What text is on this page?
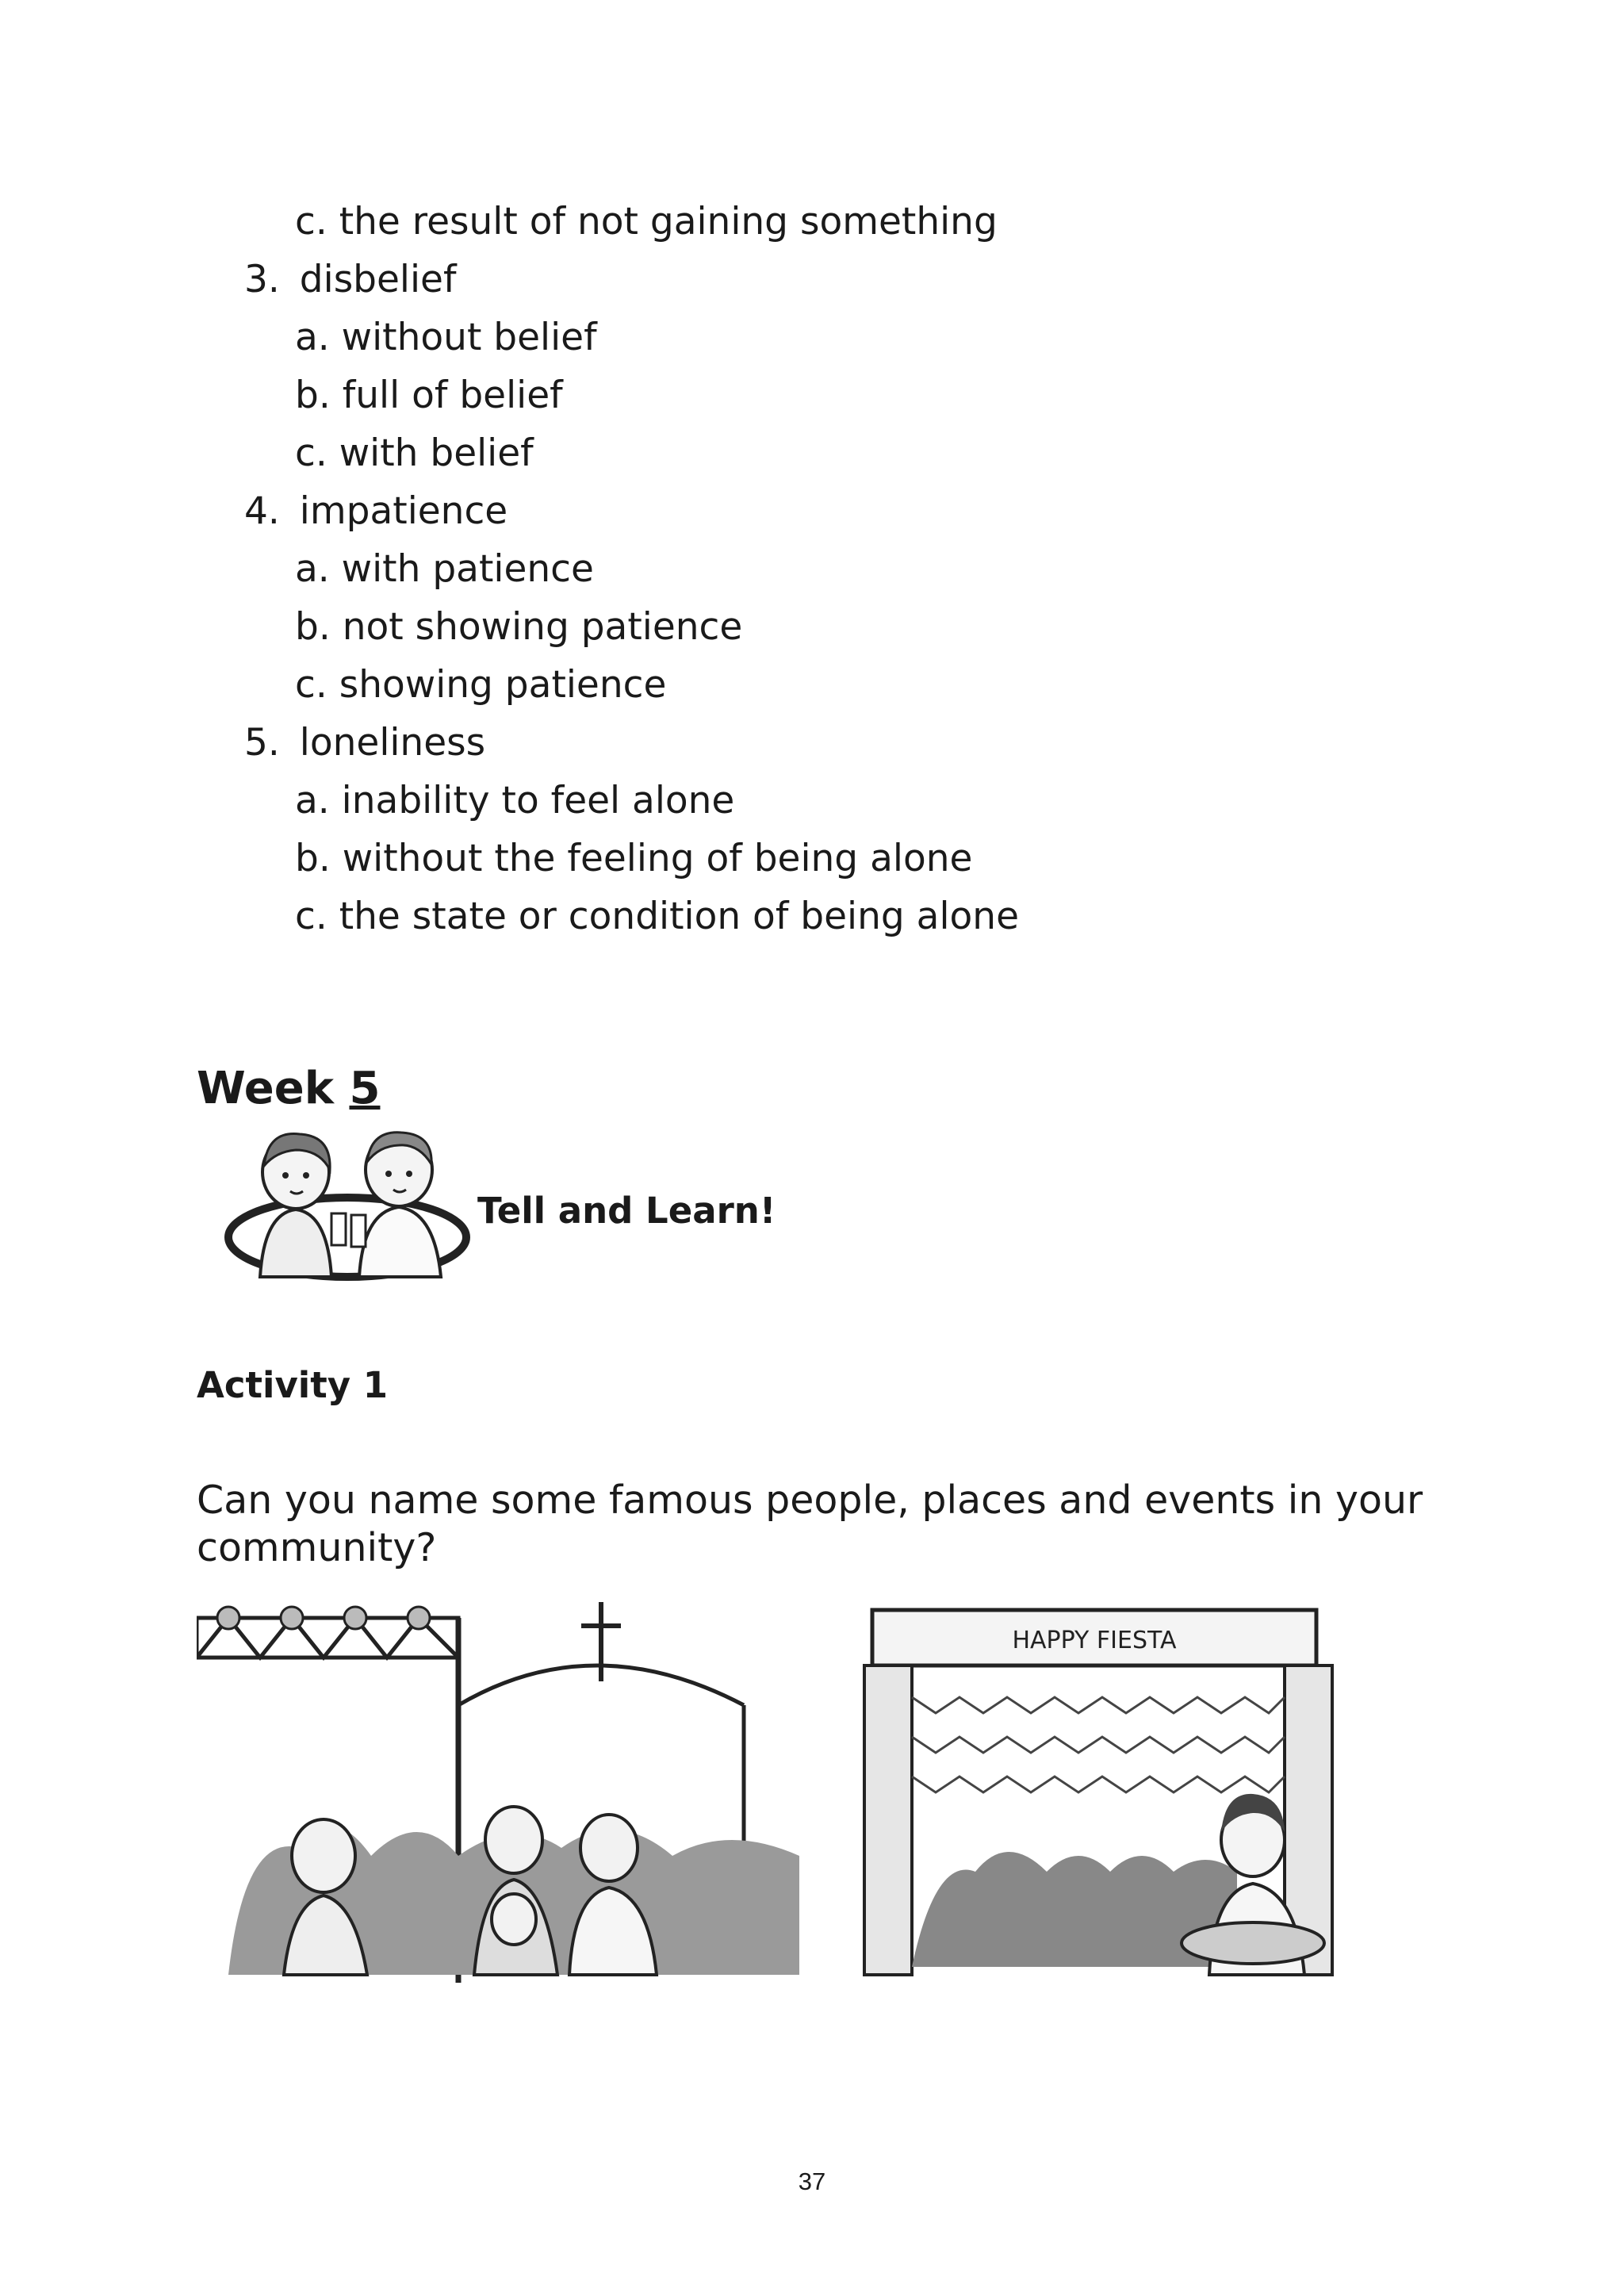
c. the result of not gaining something
3. disbelief
a. without belief
b. full of belief
c. with belief
4. impatience
a. with patience
b. not showing patience
c. showing patience
5. loneliness
a. inability to feel alone
b. without the feeling of being alone
c. the state or condition of being alone
Week 5
Tell and Learn!
Activity 1
Can you name some famous people, places and events in your community?
HAPPY FIESTA
37
